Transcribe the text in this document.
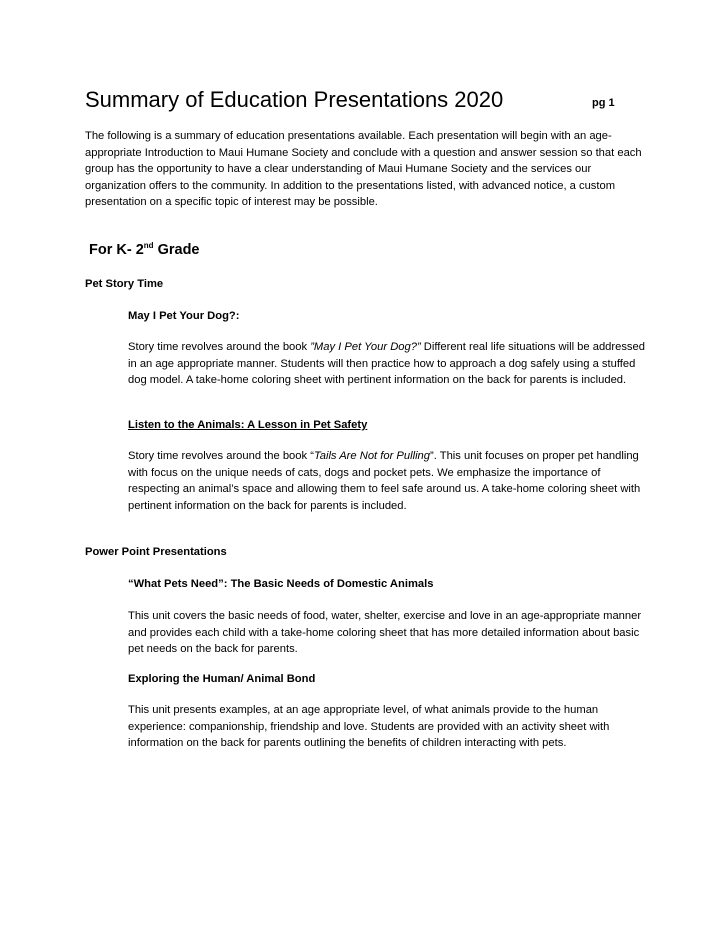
Summary of Education Presentations 2020	pg 1
The following is a summary of education presentations available. Each presentation will begin with an age-appropriate Introduction to Maui Humane Society and conclude with a question and answer session so that each group has the opportunity to have a clear understanding of Maui Humane Society and the services our organization offers to the community. In addition to the presentations listed, with advanced notice, a custom presentation on a specific topic of interest may be possible.
For K- 2nd Grade
Pet Story Time
May I Pet Your Dog?:
Story time revolves around the book ”May I Pet Your Dog?” Different real life situations will be addressed in an age appropriate manner. Students will then practice how to approach a dog safely using a stuffed dog model. A take-home coloring sheet with pertinent information on the back for parents is included.
Listen to the Animals: A Lesson in Pet Safety
Story time revolves around the book “Tails Are Not for Pulling”. This unit focuses on proper pet handling with focus on the unique needs of cats, dogs and pocket pets. We emphasize the importance of respecting an animal’s space and allowing them to feel safe around us. A take-home coloring sheet with pertinent information on the back for parents is included.
Power Point Presentations
“What Pets Need”: The Basic Needs of Domestic Animals
This unit covers the basic needs of food, water, shelter, exercise and love in an age-appropriate manner and provides each child with a take-home coloring sheet that has more detailed information about basic pet needs on the back for parents.
Exploring the Human/ Animal Bond
This unit presents examples, at an age appropriate level, of what animals provide to the human experience: companionship, friendship and love. Students are provided with an activity sheet with information on the back for parents outlining the benefits of children interacting with pets.
